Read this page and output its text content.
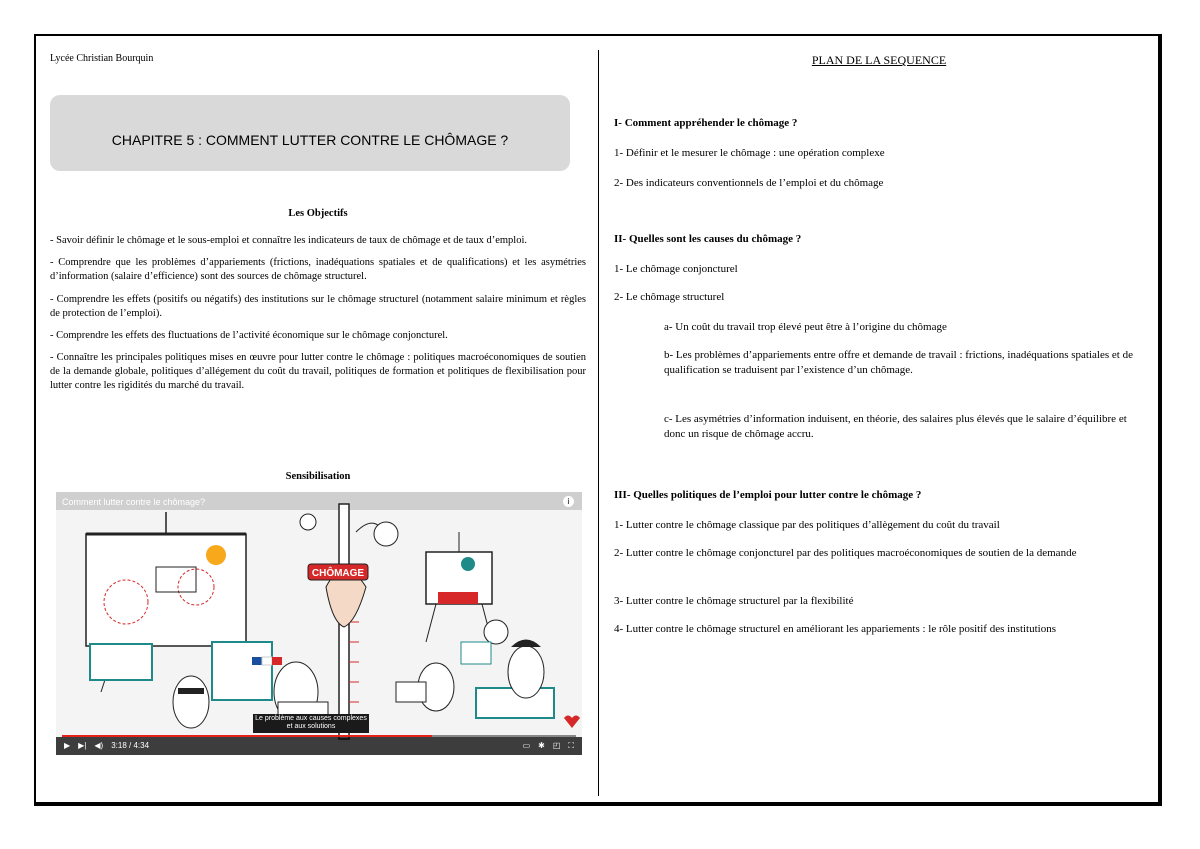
Lycée Christian Bourquin
CHAPITRE 5 : COMMENT LUTTER CONTRE LE CHÔMAGE ?
Les Objectifs

- Savoir définir le chômage et le sous-emploi et connaître les indicateurs de taux de chômage et de taux d’emploi.

- Comprendre que les problèmes d’appariements (frictions, inadéquations spatiales et de qualifications) et les asymétries d’information (salaire d’efficience) sont des sources de chômage structurel.

- Comprendre les effets (positifs ou négatifs) des institutions sur le chômage structurel (notamment salaire minimum et règles de protection de l’emploi).

- Comprendre les effets des fluctuations de l’activité économique sur le chômage conjoncturel.

- Connaître les principales politiques mises en œuvre pour lutter contre le chômage : politiques macroéconomiques de soutien de la demande globale, politiques d’allégement du coût du travail, politiques de formation et politiques de flexibilisation pour lutter contre les rigidités du marché du travail.

Sensibilisation
CHÔMAGE
Comment lutter contre le chômage?	i
Le problème aux causes complexes et aux solutions
▶ ▶| ◀) 3:18 / 4:34	▭ ✱ ◰ ⛶
PLAN DE LA SEQUENCE
I- Comment appréhender le chômage ?
1- Définir et le mesurer le chômage : une opération complexe
2- Des indicateurs conventionnels de l’emploi et du chômage
II- Quelles sont les causes du chômage ?
1- Le chômage conjoncturel
2- Le chômage structurel
a- Un coût du travail trop élevé peut être à l’origine du chômage
b- Les problèmes d’appariements entre offre et demande de travail : frictions, inadéquations spatiales et de qualification se traduisent par l’existence d’un chômage.
c- Les asymétries d’information induisent, en théorie, des salaires plus élevés que le salaire d’équilibre et donc un risque de chômage accru.
III- Quelles politiques de l’emploi pour lutter contre le chômage ?
1- Lutter contre le chômage classique par des politiques d’allègement du coût du travail
2- Lutter contre le chômage conjoncturel par des politiques macroéconomiques de soutien de la demande
3- Lutter contre le chômage structurel par la flexibilité
4- Lutter contre le chômage structurel en améliorant les appariements : le rôle positif des institutions
